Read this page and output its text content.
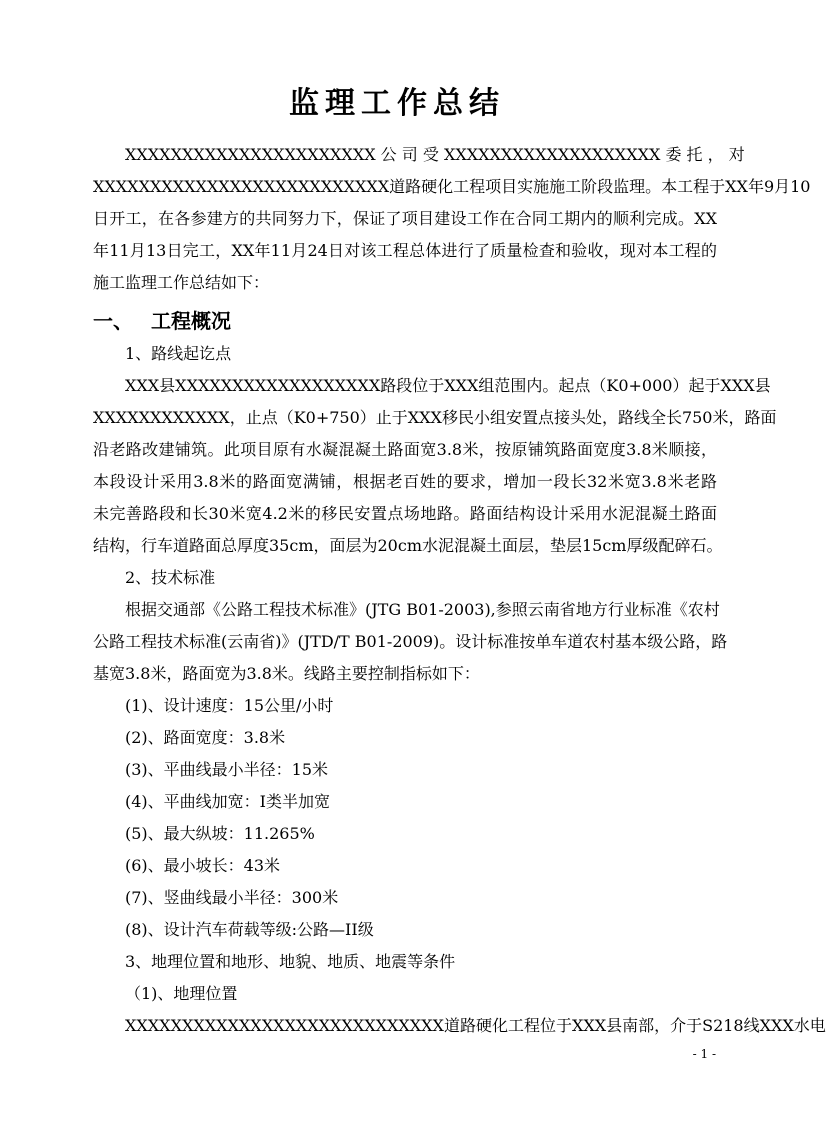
监理工作总结
XXXXXXXXXXXXXXXXXXXXXX 公 司 受 XXXXXXXXXXXXXXXXXXX 委 托 ， 对
XXXXXXXXXXXXXXXXXXXXXXXXXX道路硬化工程项目实施施工阶段监理。本工程于XX年9月10
日开工，在各参建方的共同努力下，保证了项目建设工作在合同工期内的顺利完成。XX
年11月13日完工，XX年11月24日对该工程总体进行了质量检查和验收，现对本工程的
施工监理工作总结如下：
一、 工程概况
1、路线起讫点
XXX县XXXXXXXXXXXXXXXXXX路段位于XXX组范围内。起点（K0+000）起于XXX县
XXXXXXXXXXXX，止点（K0+750）止于XXX移民小组安置点接头处，路线全长750米，路面
沿老路改建铺筑。此项目原有水凝混凝土路面宽3.8米，按原铺筑路面宽度3.8米顺接，
本段设计采用3.8米的路面宽满铺，根据老百姓的要求，增加一段长32米宽3.8米老路
未完善路段和长30米宽4.2米的移民安置点场地路。路面结构设计采用水泥混凝土路面
结构，行车道路面总厚度35cm，面层为20cm水泥混凝土面层，垫层15cm厚级配碎石。
2、技术标准
根据交通部《公路工程技术标准》(JTG B01-2003),参照云南省地方行业标准《农村
公路工程技术标准(云南省)》(JTD/T B01-2009)。设计标准按单车道农村基本级公路，路
基宽3.8米，路面宽为3.8米。线路主要控制指标如下：
(1)、设计速度：15公里/小时
(2)、路面宽度：3.8米
(3)、平曲线最小半径：15米
(4)、平曲线加宽：Ⅰ类半加宽
(5)、最大纵坡：11.265%
(6)、最小坡长：43米
(7)、竖曲线最小半径：300米
(8)、设计汽车荷载等级:公路—II级
3、地理位置和地形、地貌、地质、地震等条件
（1)、地理位置
XXXXXXXXXXXXXXXXXXXXXXXXXXXX道路硬化工程位于XXX县南部，介于S218线XXX水电
- 1 -
